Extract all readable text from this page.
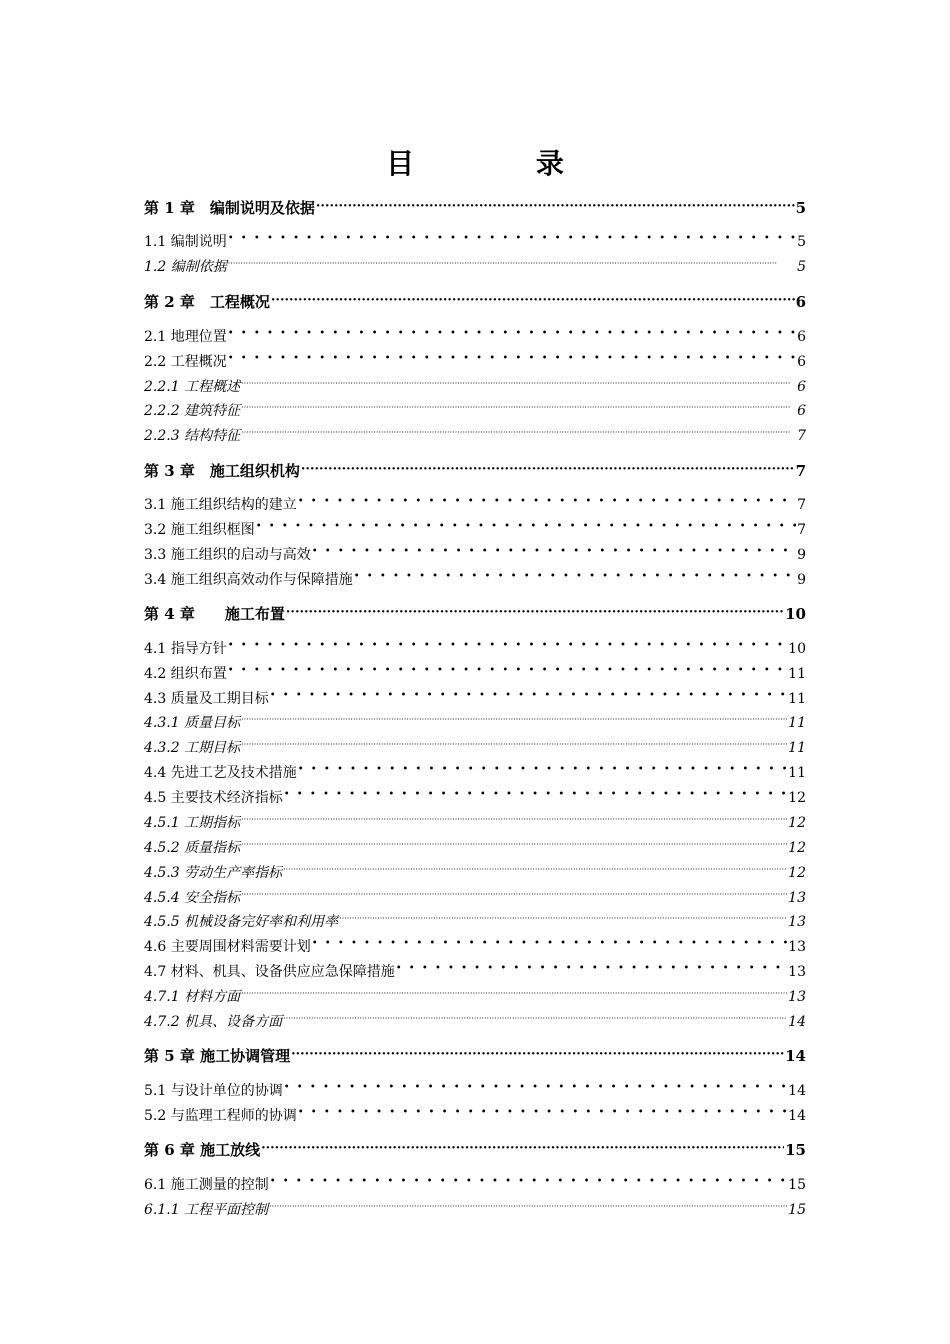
目 录
第 1 章　编制说明及依据 ·····	5
1.1 编制说明 • • •	5
1.2 编制依据 ·····	5
第 2 章　工程概况 ·····	6
2.1 地理位置 • • •	6
2.2 工程概况 • • •	6
2.2.1 工程概述 ·····	6
2.2.2 建筑特征 ·····	6
2.2.3 结构特征 ·····	7
第 3 章　施工组织机构 ·····	7
3.1 施工组织结构的建立 • • •	7
3.2 施工组织框图 • • •	7
3.3 施工组织的启动与高效 • • •	9
3.4 施工组织高效动作与保障措施 • • •	9
第 4 章　　施工布置 ·····	10
4.1 指导方针 • • •	10
4.2 组织布置 • • •	11
4.3 质量及工期目标 • • •	11
4.3.1 质量目标 ·····	11
4.3.2 工期目标 ·····	11
4.4 先进工艺及技术措施 • • •	11
4.5 主要技术经济指标 • • •	12
4.5.1 工期指标 ·····	12
4.5.2 质量指标 ·····	12
4.5.3 劳动生产率指标 ·····	12
4.5.4 安全指标 ·····	13
4.5.5 机械设备完好率和利用率 ·····	13
4.6 主要周围材料需要计划 • • •	13
4.7 材料、机具、设备供应应急保障措施 • • •	13
4.7.1 材料方面 ·····	13
4.7.2 机具、设备方面 ·····	14
第 5 章 施工协调管理 ·····	14
5.1 与设计单位的协调 • • •	14
5.2 与监理工程师的协调 • • •	14
第 6 章 施工放线 ·····	15
6.1 施工测量的控制 • • •	15
6.1.1 工程平面控制 ·····	15
